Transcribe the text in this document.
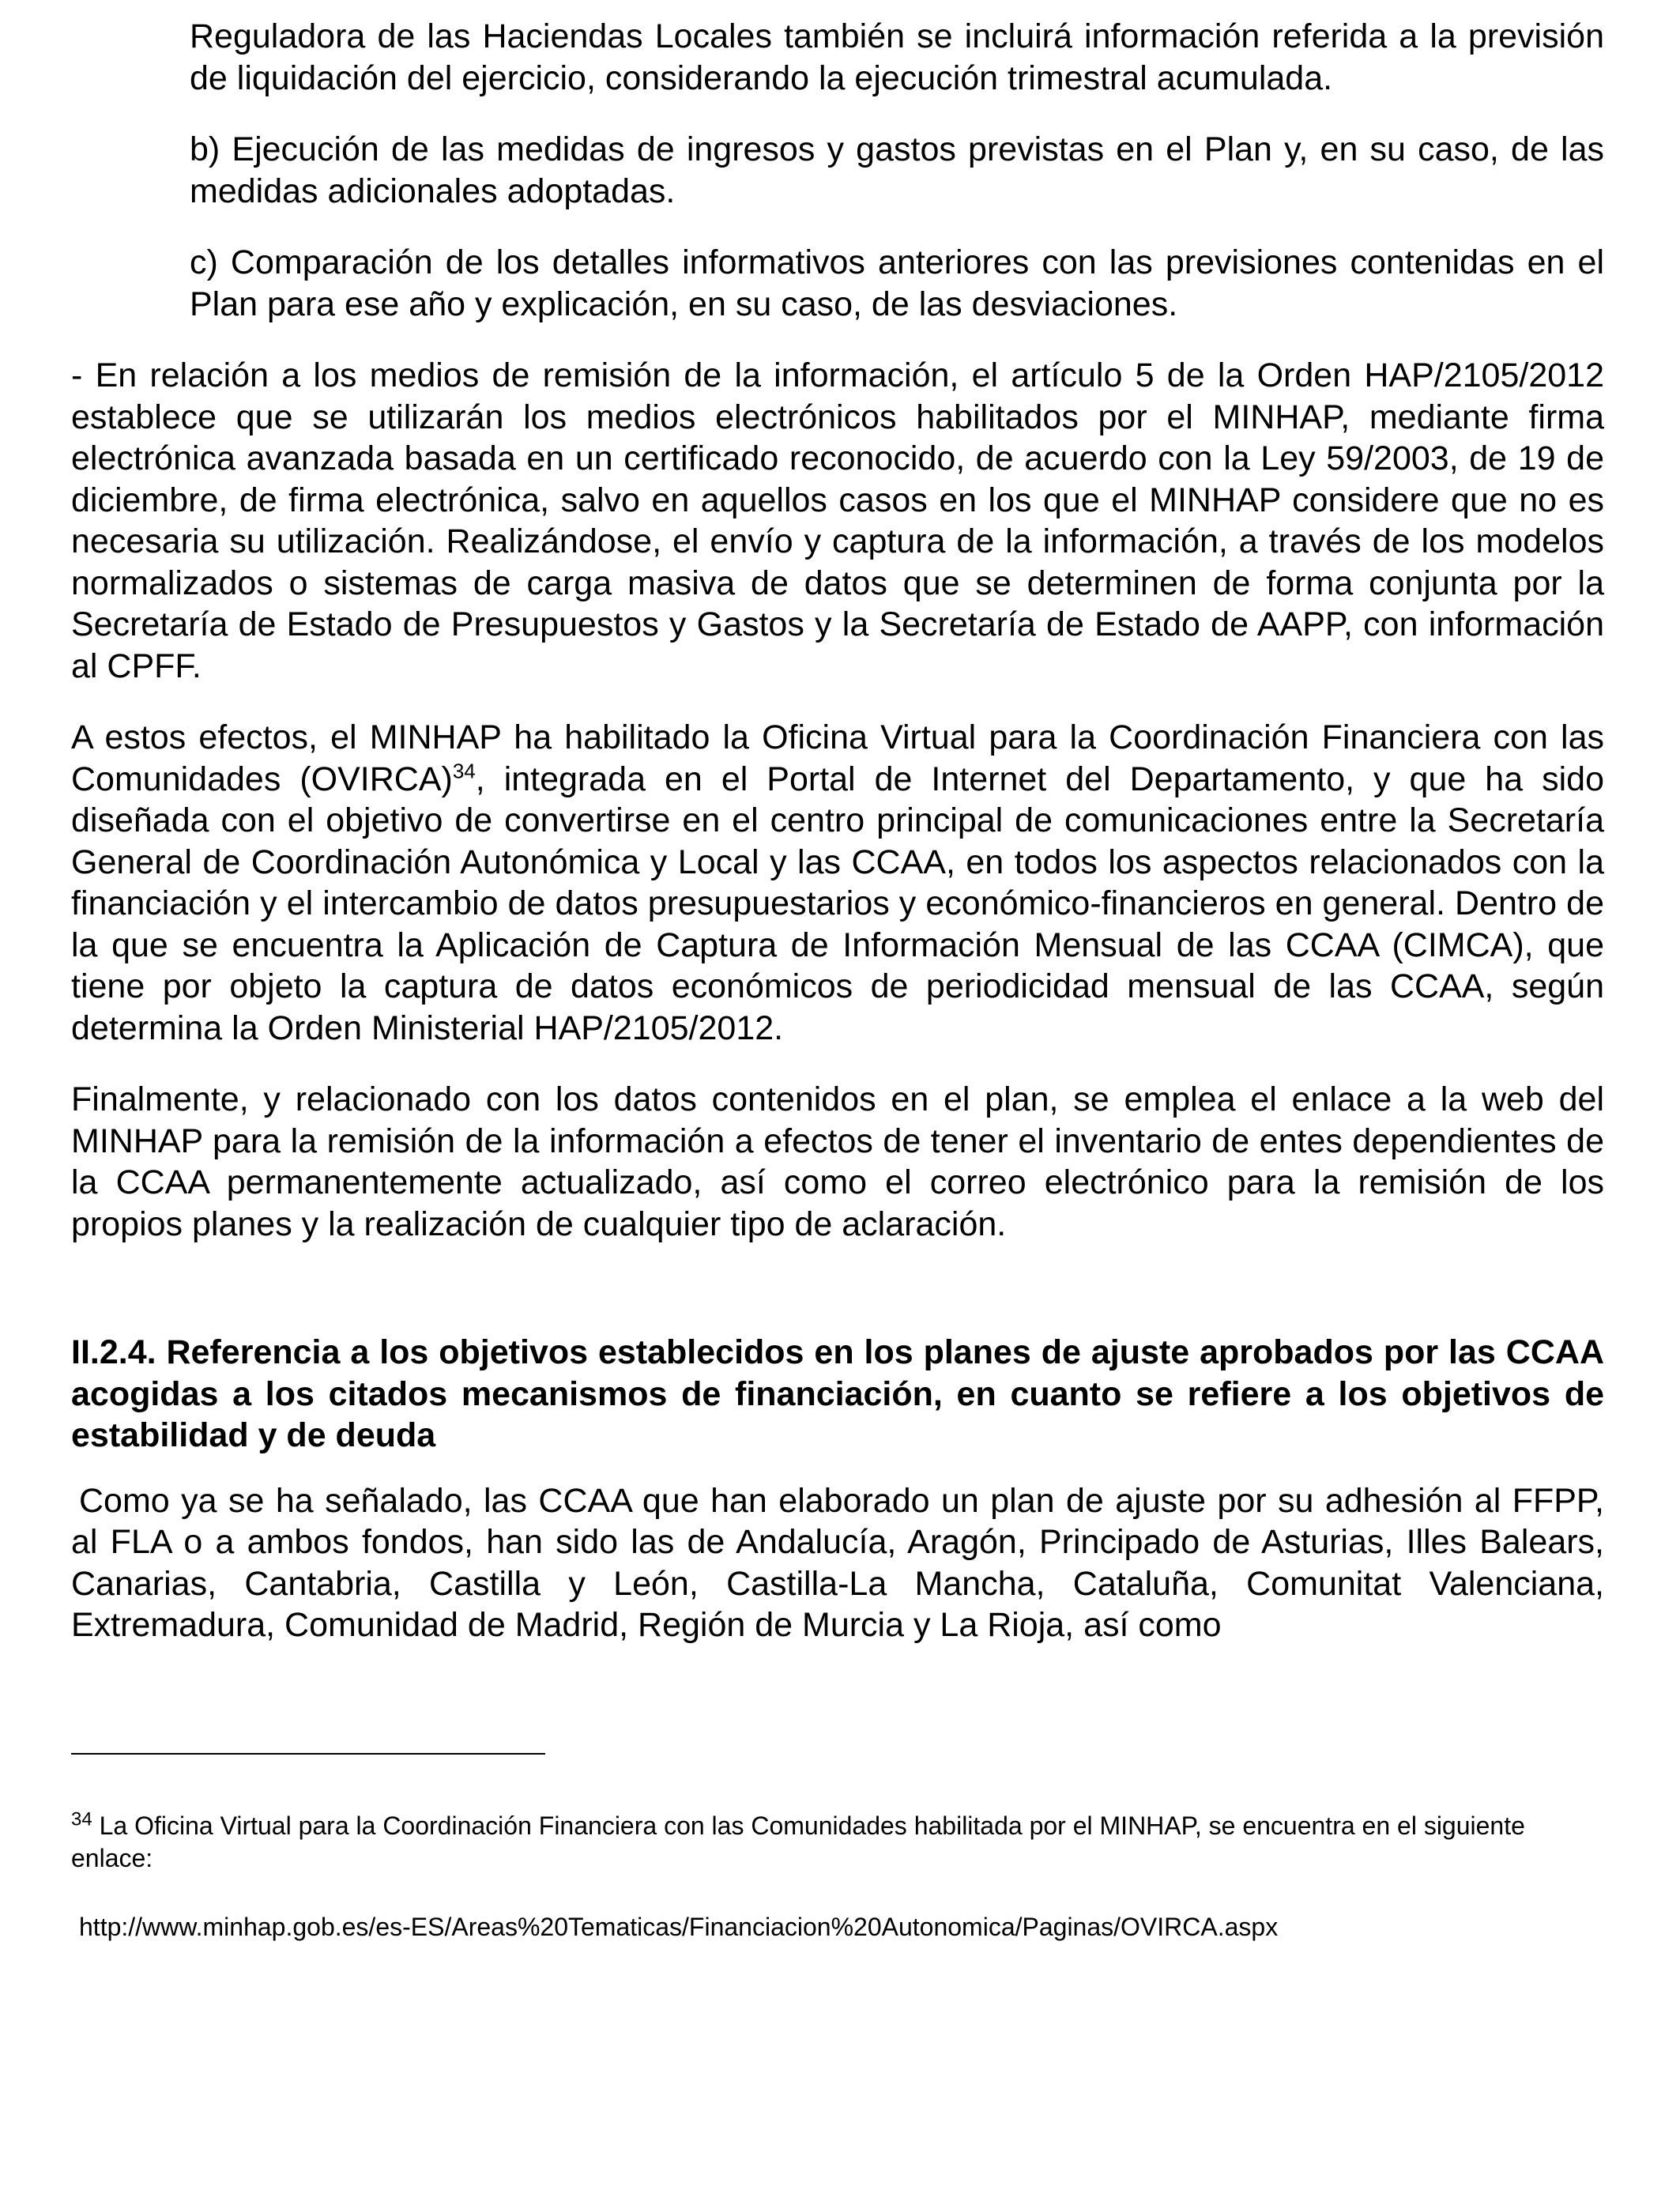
Reguladora de las Haciendas Locales también se incluirá información referida a la previsión de liquidación del ejercicio, considerando la ejecución trimestral acumulada.

b) Ejecución de las medidas de ingresos y gastos previstas en el Plan y, en su caso, de las medidas adicionales adoptadas.

c) Comparación de los detalles informativos anteriores con las previsiones contenidas en el Plan para ese año y explicación, en su caso, de las desviaciones.

- En relación a los medios de remisión de la información, el artículo 5 de la Orden HAP/2105/2012 establece que se utilizarán los medios electrónicos habilitados por el MINHAP, mediante firma electrónica avanzada basada en un certificado reconocido, de acuerdo con la Ley 59/2003, de 19 de diciembre, de firma electrónica, salvo en aquellos casos en los que el MINHAP considere que no es necesaria su utilización. Realizándose, el envío y captura de la información, a través de los modelos normalizados o sistemas de carga masiva de datos que se determinen de forma conjunta por la Secretaría de Estado de Presupuestos y Gastos y la Secretaría de Estado de AAPP, con información al CPFF.

A estos efectos, el MINHAP ha habilitado la Oficina Virtual para la Coordinación Financiera con las Comunidades (OVIRCA)$^{34}$, integrada en el Portal de Internet del Departamento, y que ha sido diseñada con el objetivo de convertirse en el centro principal de comunicaciones entre la Secretaría General de Coordinación Autonómica y Local y las CCAA, en todos los aspectos relacionados con la financiación y el intercambio de datos presupuestarios y económico-financieros en general. Dentro de la que se encuentra la Aplicación de Captura de Información Mensual de las CCAA (CIMCA), que tiene por objeto la captura de datos económicos de periodicidad mensual de las CCAA, según determina la Orden Ministerial HAP/2105/2012.

Finalmente, y relacionado con los datos contenidos en el plan, se emplea el enlace a la web del MINHAP para la remisión de la información a efectos de tener el inventario de entes dependientes de la CCAA permanentemente actualizado, así como el correo electrónico para la remisión de los propios planes y la realización de cualquier tipo de aclaración.

II.2.4. Referencia a los objetivos establecidos en los planes de ajuste aprobados por las CCAA acogidas a los citados mecanismos de financiación, en cuanto se refiere a los objetivos de estabilidad y de deuda

Como ya se ha señalado, las CCAA que han elaborado un plan de ajuste por su adhesión al FFPP, al FLA o a ambos fondos, han sido las de Andalucía, Aragón, Principado de Asturias, Illes Balears, Canarias, Cantabria, Castilla y León, Castilla-La Mancha, Cataluña, Comunitat Valenciana, Extremadura, Comunidad de Madrid, Región de Murcia y La Rioja, así como

$^{34}$ La Oficina Virtual para la Coordinación Financiera con las Comunidades habilitada por el MINHAP, se encuentra en el siguiente enlace:
http://www.minhap.gob.es/es-ES/Areas%20Tematicas/Financiacion%20Autonomica/Paginas/OVIRCA.aspx
